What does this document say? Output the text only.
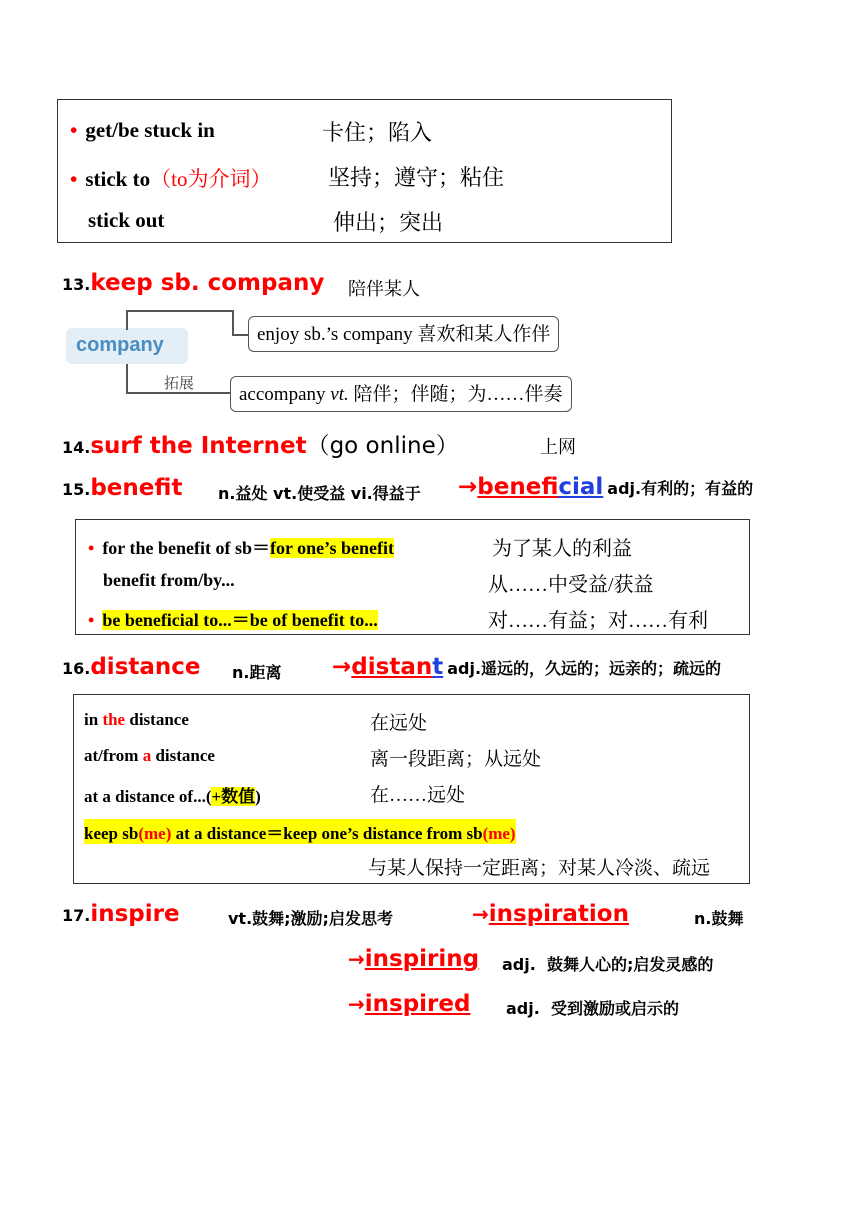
• get/be stuck in	卡住；陷入
• stick to（to为介词）	坚持；遵守；粘住
stick out	伸出；突出
13.keep sb. company 陪伴某人
company	enjoy sb.’s company 喜欢和某人作伴
拓展
accompany vt. 陪伴；伴随；为……伴奏
14.surf the Internet（go online）	上网
15.benefit n.益处 vt.使受益 vi.得益于 →beneficial adj.有利的；有益的
• for the benefit of sb＝for one’s benefit	为了某人的利益
benefit from/by...	从……中受益/获益
• be beneficial to...＝be of benefit to...	对……有益；对……有利
16.distance n.距离 →distant adj.遥远的，久远的；远亲的；疏远的
in the distance	在远处
at/from a distance	离一段距离；从远处
at a distance of...(+数值)	在……远处
keep sb(me) at a distance＝keep one’s distance from sb(me)
与某人保持一定距离；对某人冷淡、疏远
17.inspire	vt.鼓舞;激励;启发思考	→inspiration	n.鼓舞
→inspiring adj.  鼓舞人心的;启发灵感的
→inspired adj.  受到激励或启示的
